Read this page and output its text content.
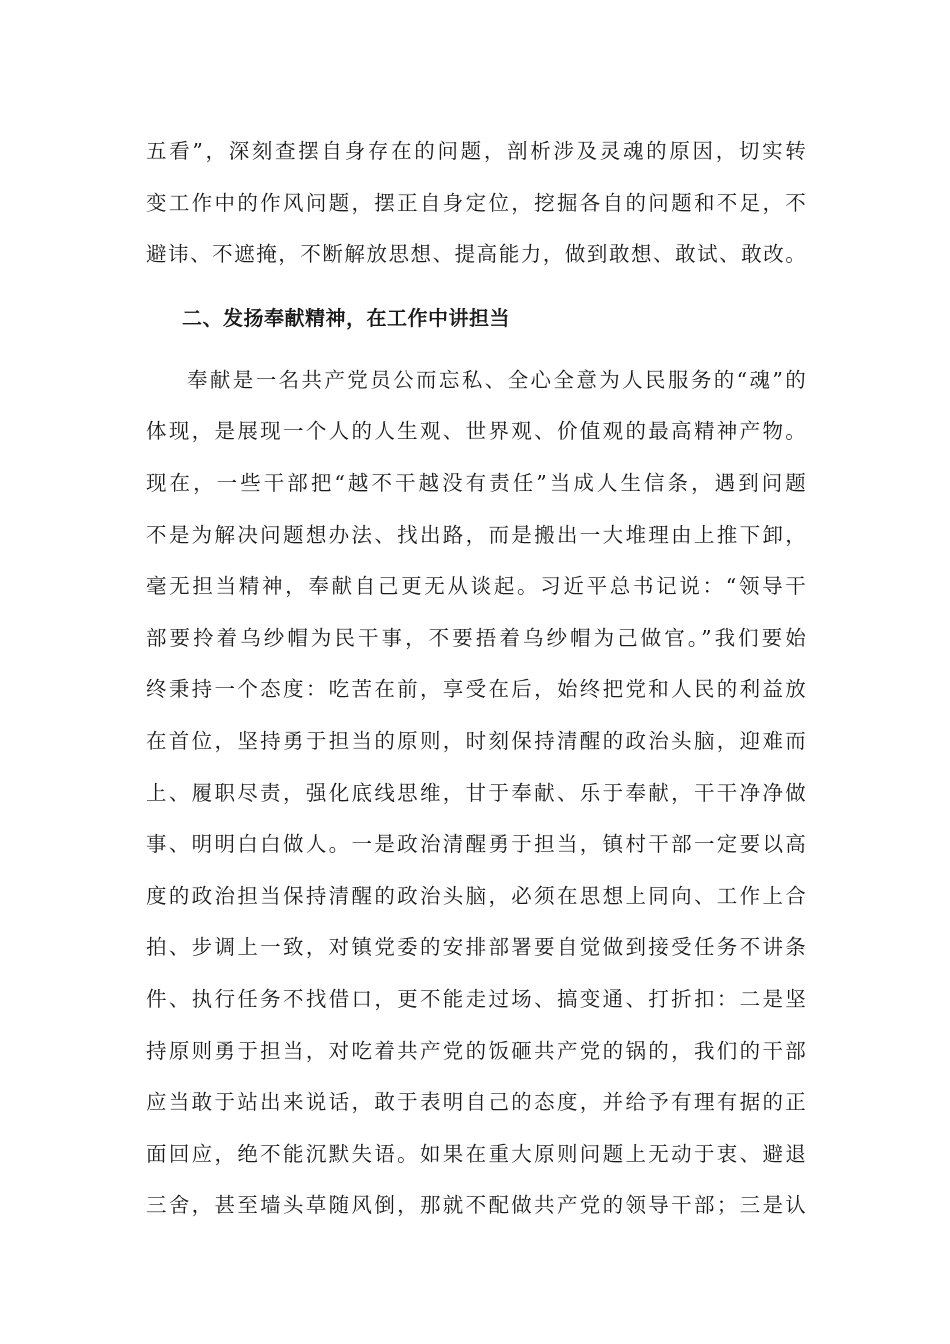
五看”，深刻查摆自身存在的问题，剖析涉及灵魂的原因，切实转
变工作中的作风问题，摆正自身定位，挖掘各自的问题和不足，不
避讳、不遮掩，不断解放思想、提高能力，做到敢想、敢试、敢改。
二、发扬奉献精神，在工作中讲担当
奉献是一名共产党员公而忘私、全心全意为人民服务的“魂”的
体现，是展现一个人的人生观、世界观、价值观的最高精神产物。
现在，一些干部把“越不干越没有责任”当成人生信条，遇到问题
不是为解决问题想办法、找出路，而是搬出一大堆理由上推下卸，
毫无担当精神，奉献自己更无从谈起。习近平总书记说：“领导干
部要拎着乌纱帽为民干事，不要捂着乌纱帽为己做官。”我们要始
终秉持一个态度：吃苦在前，享受在后，始终把党和人民的利益放
在首位，坚持勇于担当的原则，时刻保持清醒的政治头脑，迎难而
上、履职尽责，强化底线思维，甘于奉献、乐于奉献，干干净净做
事、明明白白做人。一是政治清醒勇于担当，镇村干部一定要以高
度的政治担当保持清醒的政治头脑，必须在思想上同向、工作上合
拍、步调上一致，对镇党委的安排部署要自觉做到接受任务不讲条
件、执行任务不找借口，更不能走过场、搞变通、打折扣：二是坚
持原则勇于担当，对吃着共产党的饭砸共产党的锅的，我们的干部
应当敢于站出来说话，敢于表明自己的态度，并给予有理有据的正
面回应，绝不能沉默失语。如果在重大原则问题上无动于衷、避退
三舍，甚至墙头草随风倒，那就不配做共产党的领导干部；三是认
